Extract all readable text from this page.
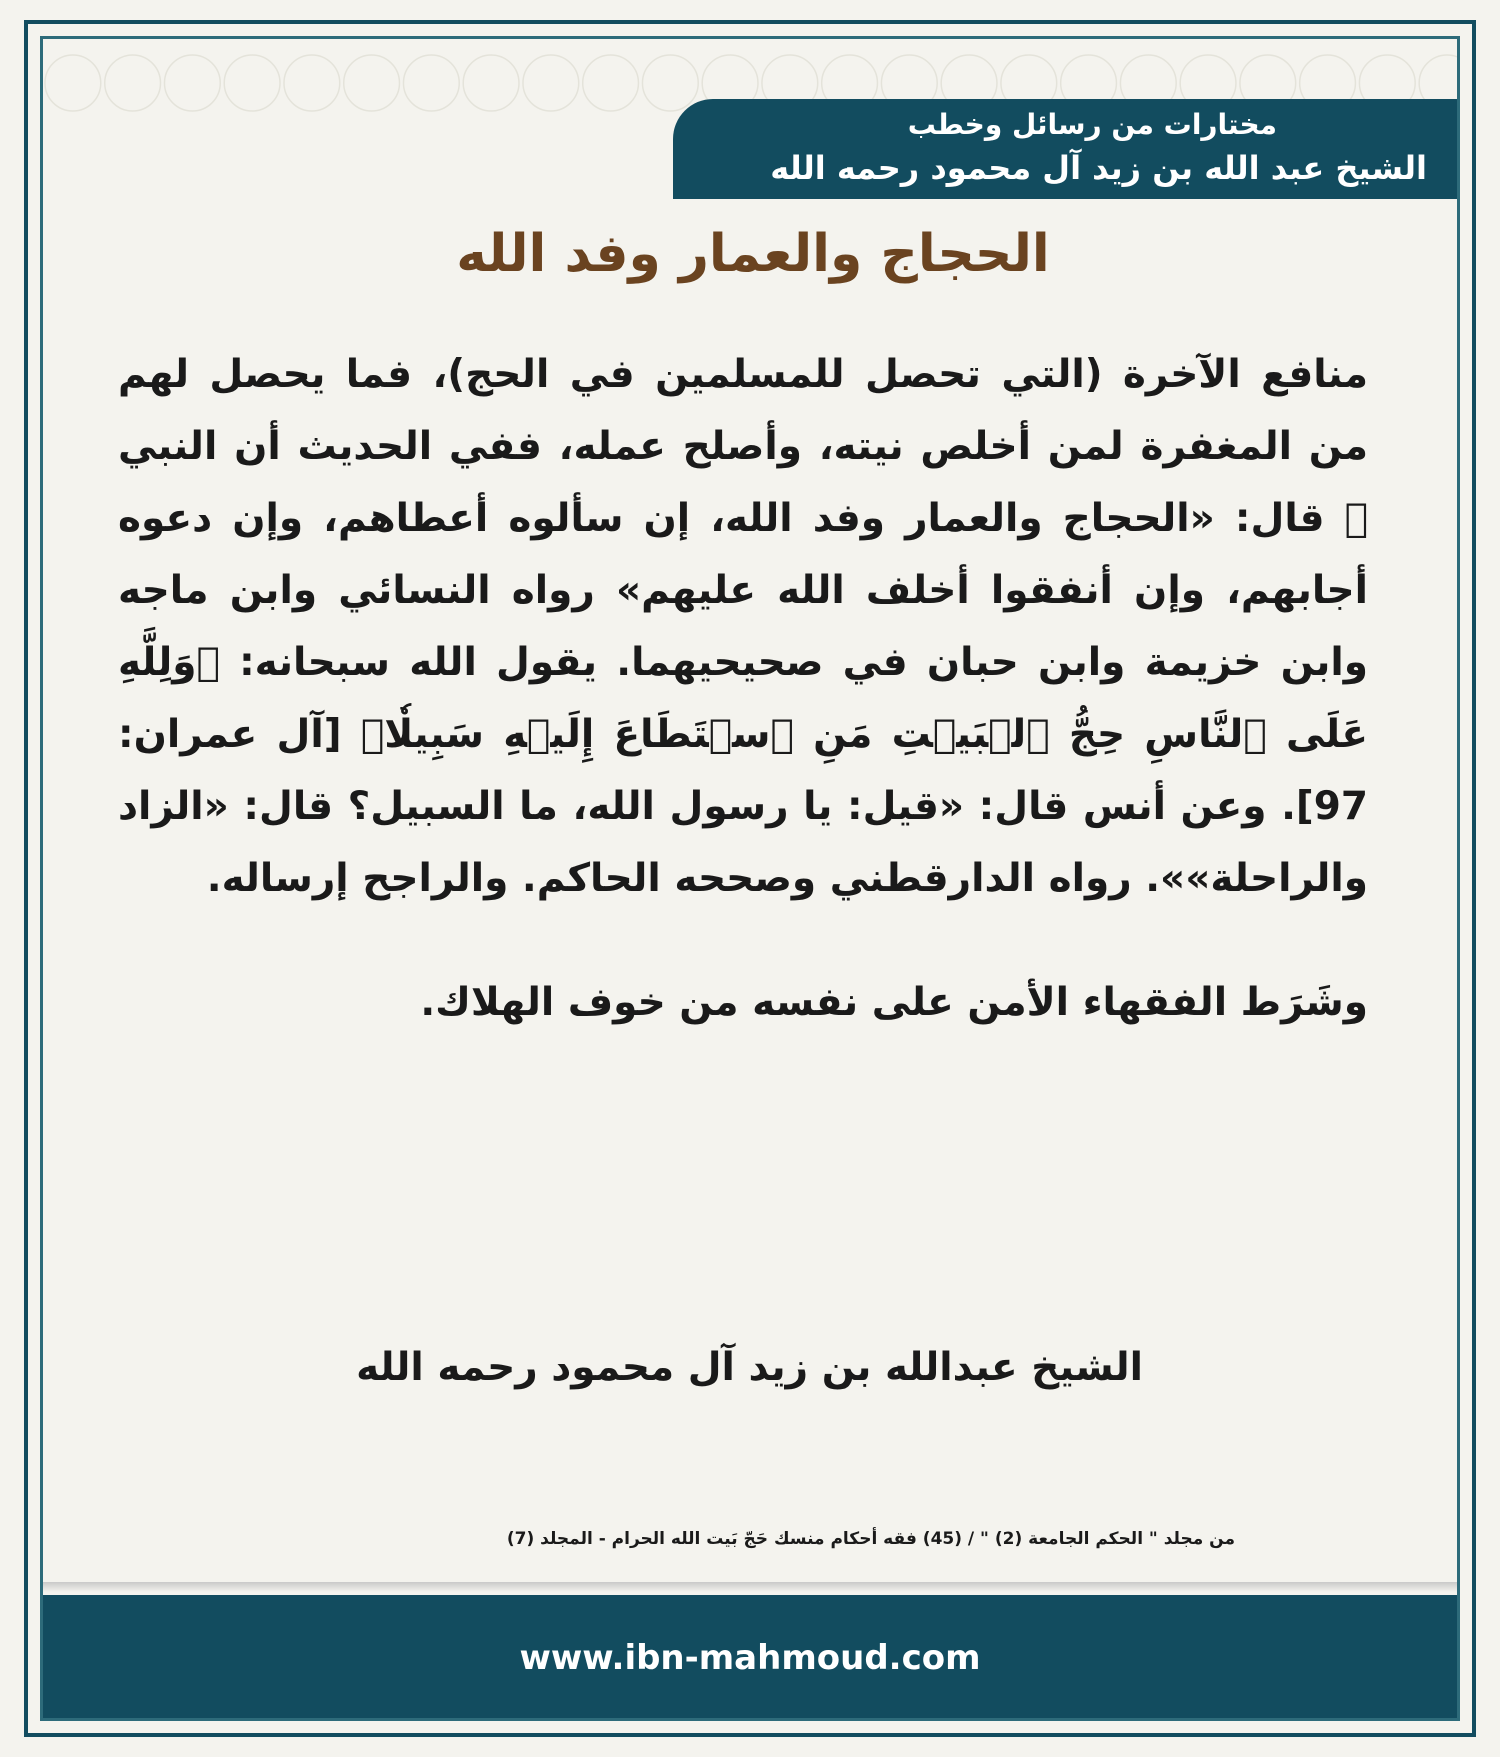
مختارات من رسائل وخطب
الشيخ عبد الله بن زيد آل محمود رحمه الله
الحجاج والعمار وفد الله

منافع الآخرة (التي تحصل للمسلمين في الحج)، فما يحصل لهم من المغفرة لمن أخلص نيته، وأصلح عمله، ففي الحديث أن النبي ﷺ قال: «الحجاج والعمار وفد الله، إن سألوه أعطاهم، وإن دعوه أجابهم، وإن أنفقوا أخلف الله عليهم» رواه النسائي وابن ماجه وابن خزيمة وابن حبان في صحيحيهما. يقول الله سبحانه: ﴿وَلِلَّهِ عَلَى ٱلنَّاسِ حِجُّ ٱلۡبَيۡتِ مَنِ ٱسۡتَطَاعَ إِلَيۡهِ سَبِيلٗا﴾ [آل عمران: 97]. وعن أنس قال: «قيل: يا رسول الله، ما السبيل؟ قال: «الزاد والراحلة»». رواه الدارقطني وصححه الحاكم. والراجح إرساله.

وشَرَط الفقهاء الأمن على نفسه من خوف الهلاك.

الشيخ عبدالله بن زيد آل محمود رحمه الله
من مجلد " الحكم الجامعة (2) " / (45) فقه أحكام منسك حَجّ بَيت الله الحرام - المجلد (7)
www.ibn-mahmoud.com
